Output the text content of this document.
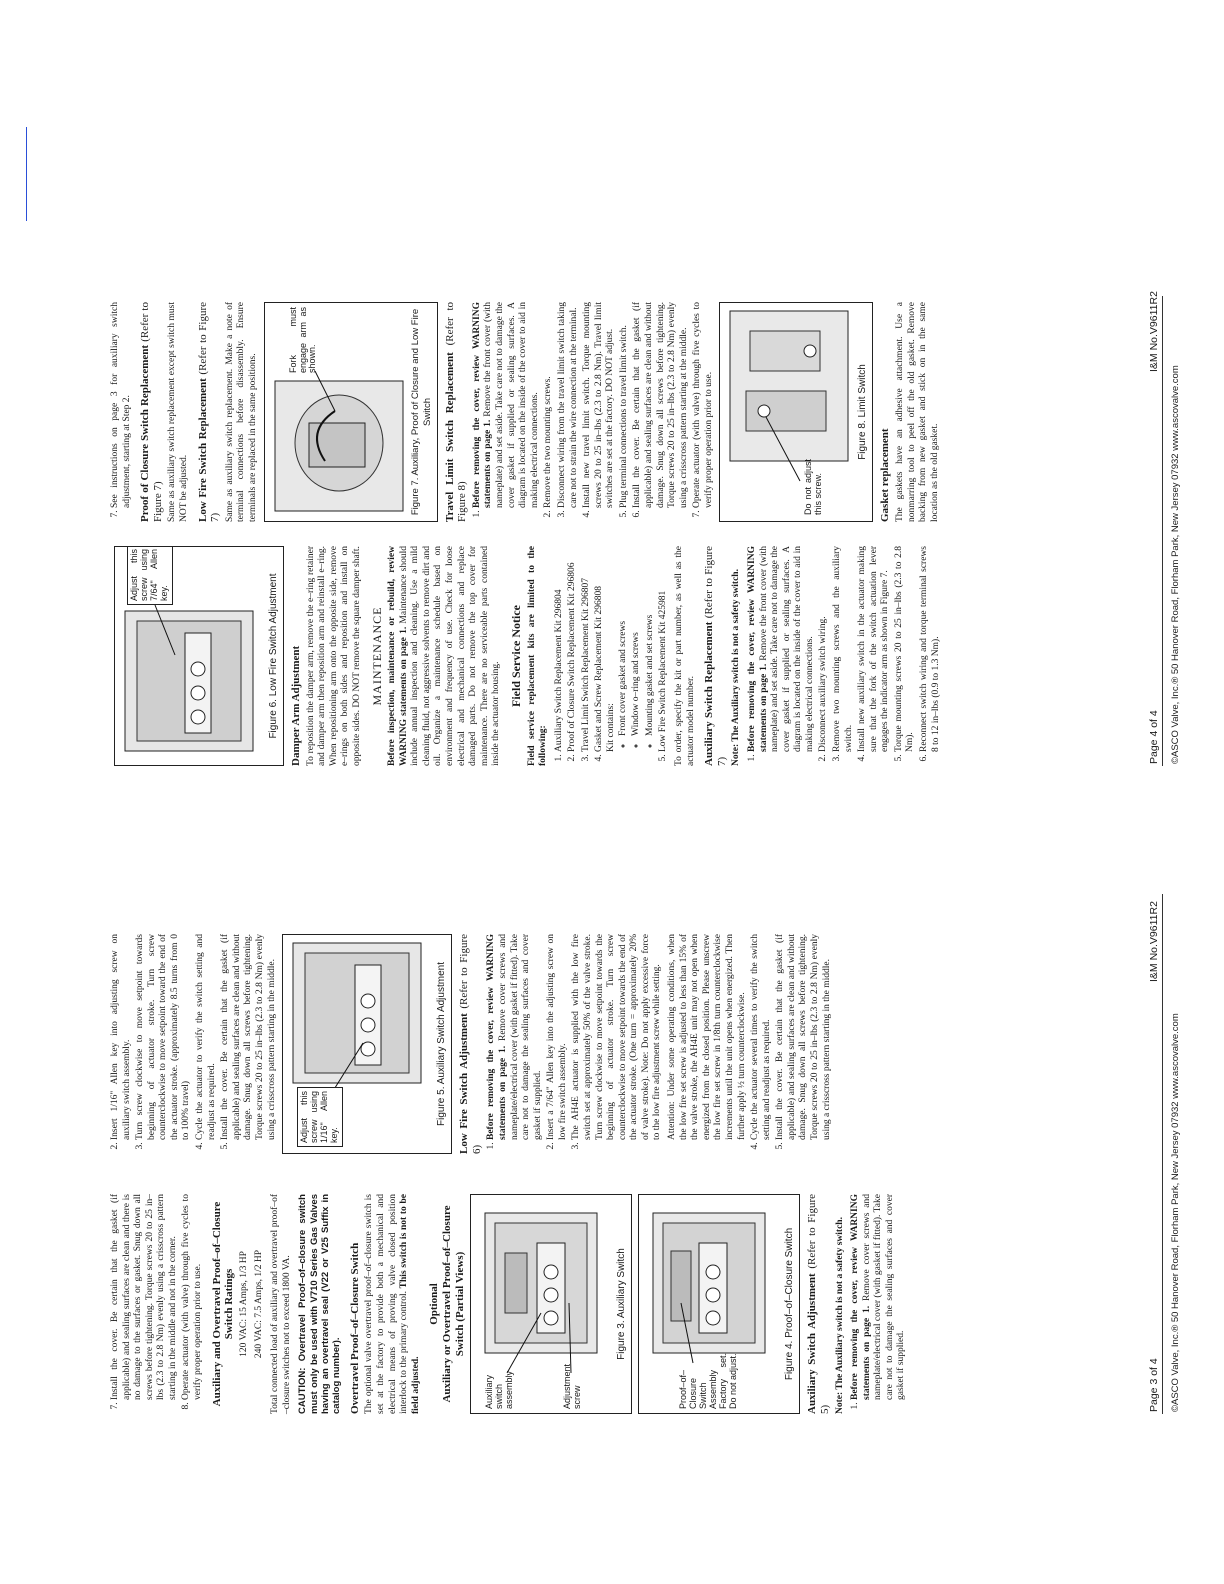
7. Install the cover. Be certain that the gasket (if applicable) and sealing surfaces are clean and there is no damage to the surfaces or gasket. Snug down all screws before tightening. Torque screws 20 to 25 in–lbs (2.3 to 2.8 Nm) evenly using a crisscross pattern starting in the middle and not in the corner. 8. Operate actuator (with valve) through five cycles to verify proper operation prior to use. Auxiliary and Overtravel Proof–of–Closure Switch Ratings 120 VAC: 15 Amps, 1/3 HP 240 VAC: 7.5 Amps, 1/2 HP Total connected load of auxiliary and overtravel proof–of –closure switches not to exceed 1800 VA. CAUTION: Overtravel Proof–of–closure switch must only be used with V710 Series Gas Valves having an overtravel seal (V22 or V25 Suffix in catalog number). Overtravel Proof–of–Closure Switch The optional valve overtravel proof–of–closure switch is set at the factory to provide both a mechanical and electrical means of proving valve closed position interlock to the primary control. This switch is not to be field adjusted.

Optional Auxiliary or Overtravel Proof–of–Closure Switch (Partial Views)
Auxiliary switch assembly	Adjustment screw
Figure 3. Auxiliary Switch
Proof–of–Closure Switch Assembly Factory set. Do not adjust.
Figure 4. Proof–of–Closure Switch Auxiliary Switch Adjustment (Refer to Figure 5) Note: The Auxiliary switch is not a safety switch. 1. Before removing the cover, review WARNING statements on page 1. Remove cover screws and nameplate/electrical cover (with gasket if fitted). Take care not to damage the sealing surfaces and cover gasket if supplied.
2. Insert 1/16" Allen key into adjusting screw on auxiliary switch assembly. 3. Turn screw clockwise to move setpoint towards beginning of actuator stroke. Turn screw counterclockwise to move setpoint toward the end of the actuator stroke. (approximately 8.5 turns from 0 to 100% travel) 4. Cycle the actuator to verify the switch setting and readjust as required. 5. Install the cover. Be certain that the gasket (if applicable) and sealing surfaces are clean and without damage. Snug down all screws before tightening. Torque screws 20 to 25 in–lbs (2.3 to 2.8 Nm) evenly using a crisscross pattern starting in the middle.	Adjust this screw using 1/16" Allen key.
Figure 5. Auxiliary Switch Adjustment Low Fire Switch Adjustment (Refer to Figure 6)
1. Before removing the cover, review WARNING statements on page 1. Remove cover screws and nameplate/electrical cover (with gasket if fitted). Take care not to damage the sealing surfaces and cover gasket if supplied. 2. Insert a 7/64" Allen key into the adjusting screw on low fire switch assembly. 3. The AH4E actuator is supplied with the low fire switch set at approximately 50% of the valve stroke. Turn screw clockwise to move setpoint towards the beginning of actuator stroke. Turn screw counterclockwise to move setpoint towards the end of the actuator stroke. (One turn = approximately 20% of valve stroke). Note: Do not apply excessive force to the low fire adjustment screw while setting. Attention: Under some operating conditions, when the low fire set screw is adjusted to less than 15% of the valve stroke, the AH4E unit may not open when energized from the closed position. Please unscrew the low fire set screw in 1/8th turn counterclockwise increments until the unit opens when energized. Then further apply ½ turn counterclockwise. 4. Cycle the actuator several times to verify the switch setting and readjust as required. 5. Install the cover. Be certain that the gasket (if applicable) and sealing surfaces are clean and without damage. Snug down all screws before tightening. Torque screws 20 to 25 in–lbs (2.3 to 2.8 Nm) evenly using a crisscross pattern starting in the middle.
Page 3 of 4
I&M No.V9611R2
©ASCO Valve, Inc.® 50 Hanover Road, Florham Park, New Jersey 07932 www.ascovalve.com
Adjust this screw using 7/64" Allen key.	Figure 6. Low Fire Switch Adjustment Damper Arm Adjustment To reposition the damper arm, remove the e–ring retainer and damper arm then reposition arm and reinstall e–ring. When repositioning arm onto the opposite side, remove e–rings on both sides and reposition and install on opposite sides. DO NOT remove the square damper shaft. MAINTENANCE Before inspection, maintenance or rebuild, review WARNING statements on page 1. Maintenance should include annual inspection and cleaning. Use a mild cleaning fluid, not aggressive solvents to remove dirt and oil. Organize a maintenance schedule based on environment and frequency of use. Check for loose electrical and mechanical connections and replace damaged parts. Do not remove the top cover for maintenance. There are no serviceable parts contained inside the actuator housing.

Field Service Notice Field service replacement kits are limited to the following: 1. Auxiliary Switch Replacement Kit 296804 2. Proof of Closure Switch Replacement Kit 296806 3. Travel Limit Switch Replacement Kit 296807 4. Gasket and Screw Replacement Kit 296808 Kit contains: ◦ Front cover gasket and screws ◦ Window o–ring and screws ◦ Mounting gasket and set screws 5. Low Fire Switch Replacement Kit 425981 To order, specify the kit or part number, as well as the actuator model number. Auxiliary Switch Replacement (Refer to Figure 7) Note: The Auxiliary switch is not a safety switch. 1. Before removing the cover, review WARNING statements on page 1. Remove the front cover (with nameplate) and set aside. Take care not to damage the cover gasket if supplied or sealing surfaces. A diagram is located on the inside of the cover to aid in making electrical connections. 2. Disconnect auxiliary switch wiring. 3. Remove two mounting screws and the auxiliary switch. 4. Install new auxiliary switch in the actuator making sure that the fork of the switch actuation lever engages the indicator arm as shown in Figure 7. 5. Torque mounting screws 20 to 25 in–lbs (2.3 to 2.8 Nm). 6. Reconnect switch wiring and torque terminal screws 8 to 12 in–lbs (0.9 to 1.3 Nm).
7. See instructions on page 3 for auxiliary switch adjustment, starting at Step 2. Proof of Closure Switch Replacement (Refer to Figure 7) Same as auxiliary switch replacement except switch must NOT be adjusted. Low Fire Switch Replacement (Refer to Figure 7) Same as auxiliary switch replacement. Make a note of terminal connections before disassembly. Ensure terminals are replaced in the same positions.

Fork must engage arm as shown.	Figure 7. Auxiliary, Proof of Closure and Low Fire Switch Travel Limit Switch Replacement (Refer to Figure 8) 1. Before removing the cover, review WARNING statements on page 1. Remove the front cover (with nameplate) and set aside. Take care not to damage the cover gasket if supplied or sealing surfaces. A diagram is located on the inside of the cover to aid in making electrical connections. 2. Remove the two mounting screws. 3. Disconnect wiring from the travel limit switch taking care not to strain the wire connection at the terminal. 4. Install new travel limit switch. Torque mounting screws 20 to 25 in–lbs (2.3 to 2.8 Nm). Travel limit switches are set at the factory. DO NOT adjust. 5. Plug terminal connections to travel limit switch. 6. Install the cover. Be certain that the gasket (if applicable) and sealing surfaces are clean and without damage. Snug down all screws before tightening. Torque screws 20 to 25 in–lbs (2.3 to 2.8 Nm) evenly using a crisscross pattern starting at the middle. 7. Operate actuator (with valve) through five cycles to verify proper operation prior to use.	Do not adjust this screw.
Figure 8. Limit Switch
Gasket replacement The gaskets have an adhesive attachment. Use a nonmarring tool to peel off the old gasket. Remove backing from new gasket and stick on in the same location as the old gasket.

Page 4 of 4
I&M No.V9611R2
©ASCO Valve, Inc.® 50 Hanover Road, Florham Park, New Jersey 07932 www.ascovalve.com
